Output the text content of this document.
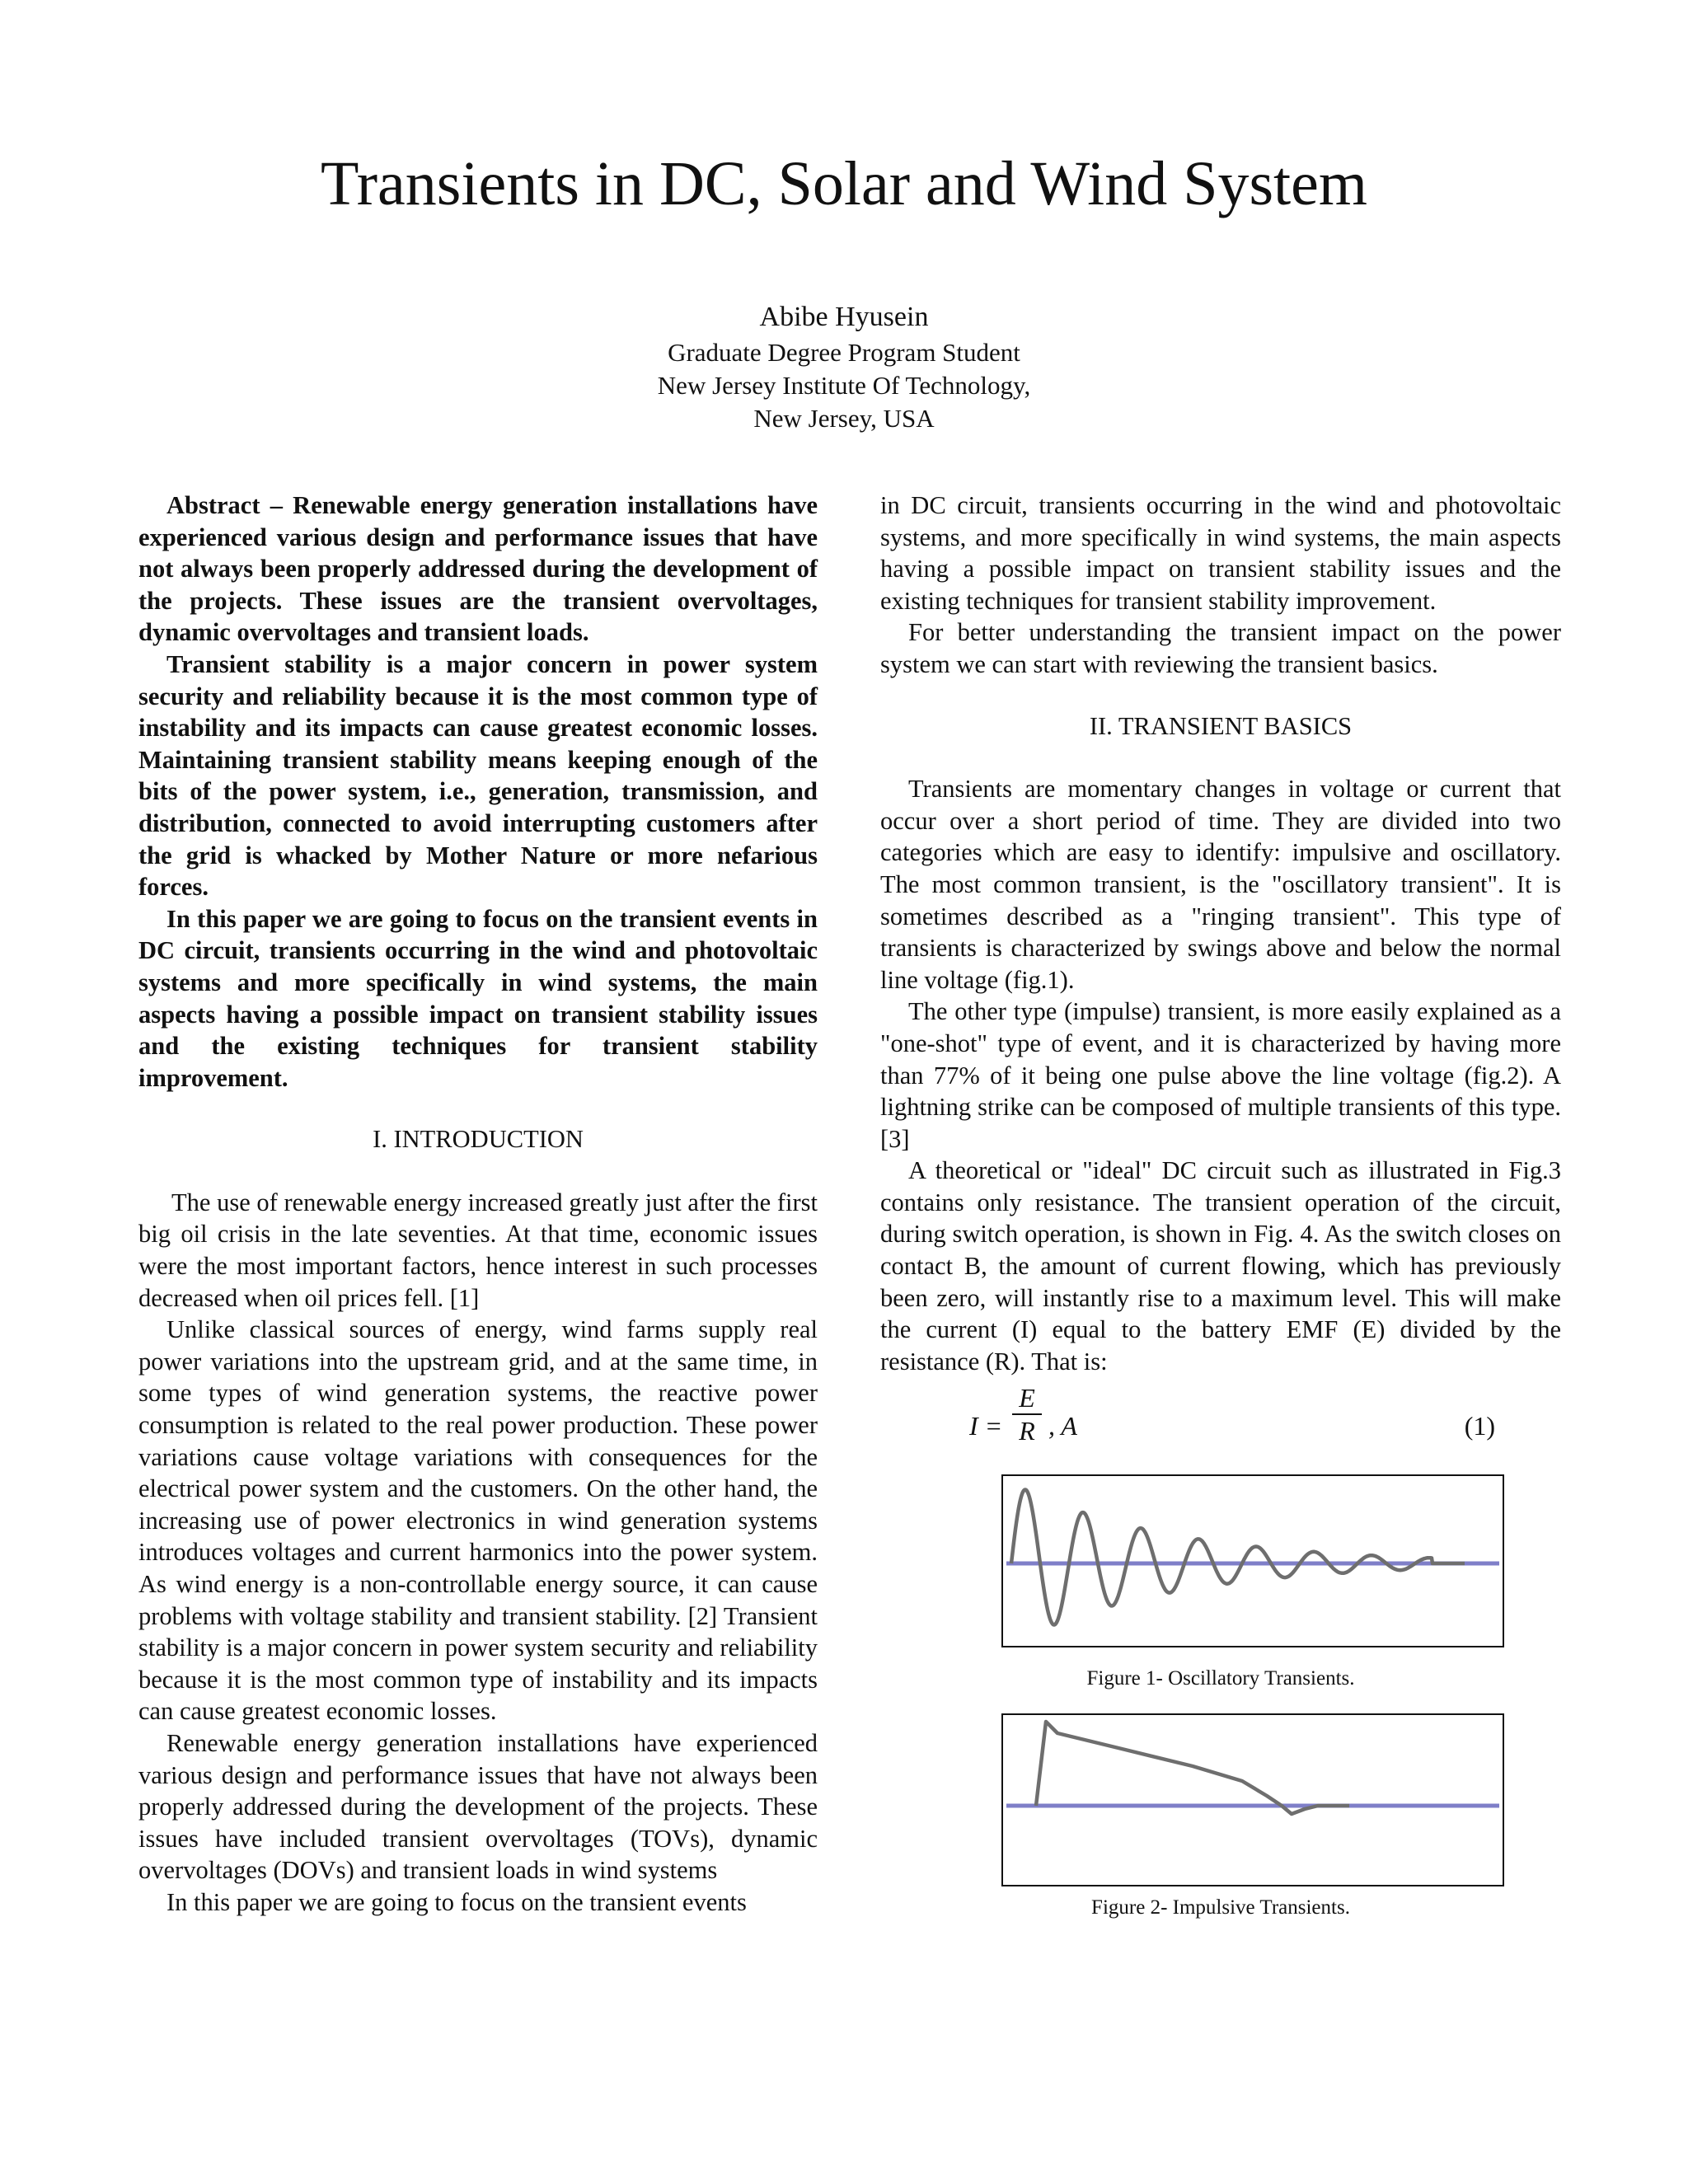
Transients in DC, Solar and Wind System
Abibe Hyusein
Graduate Degree Program Student
New Jersey Institute Of Technology,
New Jersey, USA

Abstract – Renewable energy generation installations have experienced various design and performance issues that have not always been properly addressed during the development of the projects. These issues are the transient overvoltages, dynamic overvoltages and transient loads.

Transient stability is a major concern in power system security and reliability because it is the most common type of instability and its impacts can cause greatest economic losses. Maintaining transient stability means keeping enough of the bits of the power system, i.e., generation, transmission, and distribution, connected to avoid interrupting customers after the grid is whacked by Mother Nature or more nefarious forces.

In this paper we are going to focus on the transient events in DC circuit, transients occurring in the wind and photovoltaic systems and more specifically in wind systems, the main aspects having a possible impact on transient stability issues and the existing techniques for transient stability improvement.

I. INTRODUCTION

The use of renewable energy increased greatly just after the first big oil crisis in the late seventies. At that time, economic issues were the most important factors, hence interest in such processes decreased when oil prices fell. [1]

Unlike classical sources of energy, wind farms supply real power variations into the upstream grid, and at the same time, in some types of wind generation systems, the reactive power consumption is related to the real power production. These power variations cause voltage variations with consequences for the electrical power system and the customers. On the other hand, the increasing use of power electronics in wind generation systems introduces voltages and current harmonics into the power system. As wind energy is a non-controllable energy source, it can cause problems with voltage stability and transient stability. [2] Transient stability is a major concern in power system security and reliability because it is the most common type of instability and its impacts can cause greatest economic losses.

Renewable energy generation installations have experienced various design and performance issues that have not always been properly addressed during the development of the projects. These issues have included transient overvoltages (TOVs), dynamic overvoltages (DOVs) and transient loads in wind systems

In this paper we are going to focus on the transient events

in DC circuit, transients occurring in the wind and photovoltaic systems, and more specifically in wind systems, the main aspects having a possible impact on transient stability issues and the existing techniques for transient stability improvement.

For better understanding the transient impact on the power system we can start with reviewing the transient basics.

II. TRANSIENT BASICS

Transients are momentary changes in voltage or current that occur over a short period of time. They are divided into two categories which are easy to identify: impulsive and oscillatory. The most common transient, is the "oscillatory transient". It is sometimes described as a "ringing transient". This type of transients is characterized by swings above and below the normal line voltage (fig.1).

The other type (impulse) transient, is more easily explained as a "one-shot" type of event, and it is characterized by having more than 77% of it being one pulse above the line voltage (fig.2). A lightning strike can be composed of multiple transients of this type. [3]

A theoretical or "ideal" DC circuit such as illustrated in Fig.3 contains only resistance. The transient operation of the circuit, during switch operation, is shown in Fig. 4. As the switch closes on contact B, the amount of current flowing, which has previously been zero, will instantly rise to a maximum level. This will make the current (I) equal to the battery EMF (E) divided by the resistance (R). That is:

I =
E
R , A	(1)
Figure 1- Oscillatory Transients.
Figure 2- Impulsive Transients.
